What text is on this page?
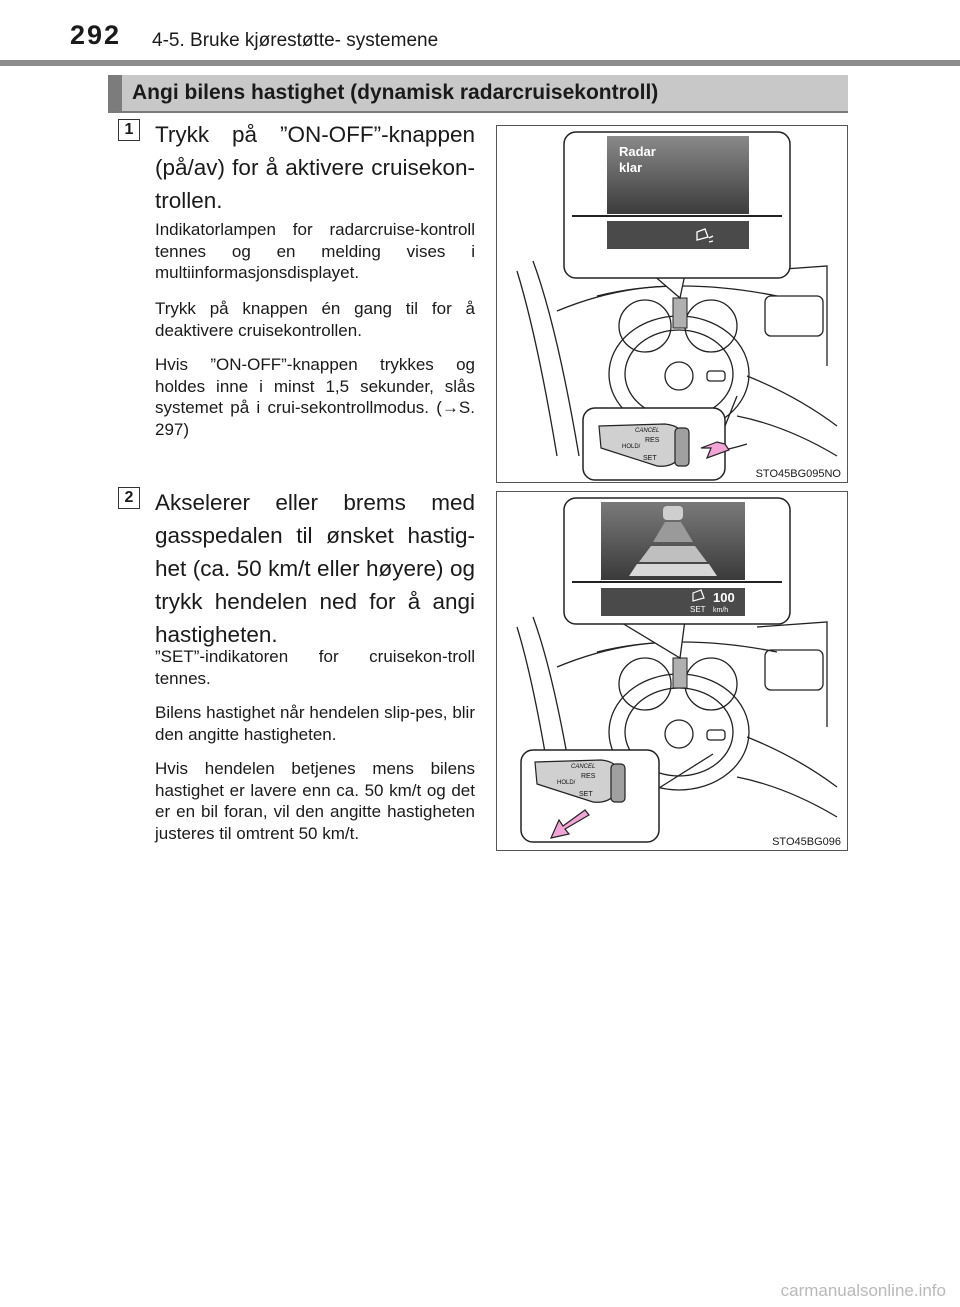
292 4-5. Bruke kjørestøtte- systemene
Angi bilens hastighet (dynamisk radarcruisekontroll)
1 Trykk på ”ON-OFF”-knappen (på/av) for å aktivere cruisekon-trollen.
Indikatorlampen for radarcruise-kontroll tennes og en melding vises i multiinformasjonsdisplayet.
Trykk på knappen én gang til for å deaktivere cruisekontrollen.
Hvis ”ON-OFF”-knappen trykkes og holdes inne i minst 1,5 sekunder, slås systemet på i crui-sekontrollmodus. (→S. 297)
Radar
klar
CANCEL
RES
HOLD/
SET
STO45BG095NO
2 Akselerer eller brems med gasspedalen til ønsket hastig-het (ca. 50 km/t eller høyere) og trykk hendelen ned for å angi hastigheten.
”SET”-indikatoren for cruisekon-troll tennes.
Bilens hastighet når hendelen slip-pes, blir den angitte hastigheten.
Hvis hendelen betjenes mens bilens hastighet er lavere enn ca. 50 km/t og det er en bil foran, vil den angitte hastigheten justeres til omtrent 50 km/t.
SET
100
km/h
CANCEL
RES
HOLD/
SET
STO45BG096
carmanualsonline.info
